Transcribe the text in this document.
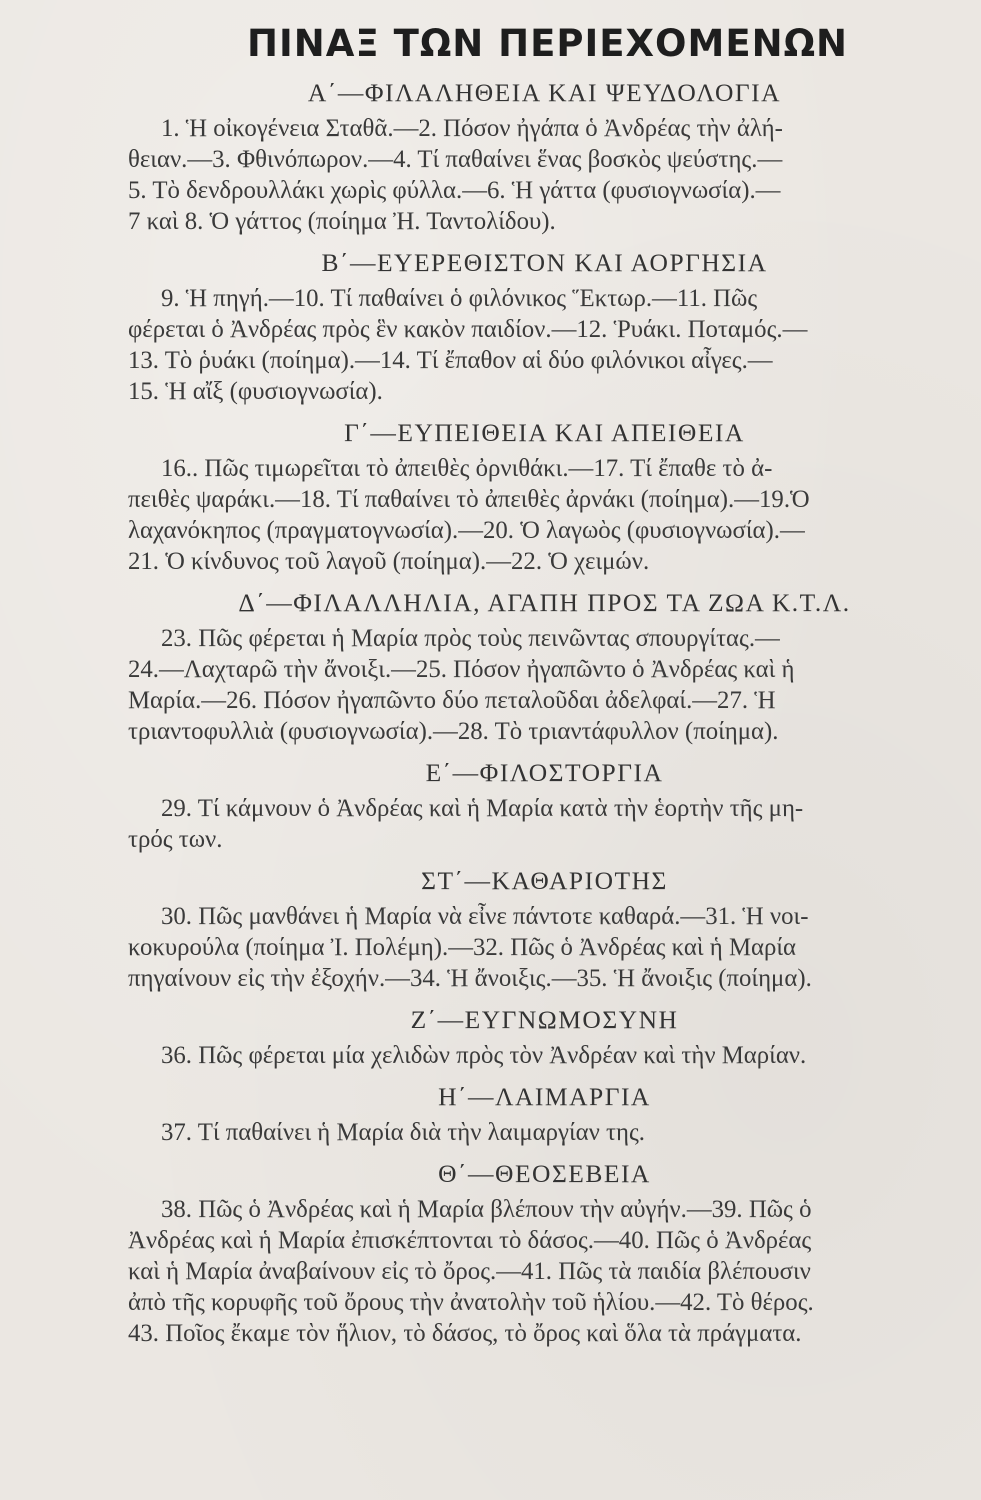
ΠΙΝΑΞ ΤΩΝ ΠΕΡΙΕΧΟΜΕΝΩΝ
Α΄—ΦΙΛΑΛΗΘΕΙΑ ΚΑΙ ΨΕΥΔΟΛΟΓΙΑ
1. Ἡ οἰκογένεια Σταθᾶ.—2. Πόσον ἠγάπα ὁ Ἀνδρέας τὴν ἀλή-
θειαν.—3. Φθινόπωρον.—4. Τί παθαίνει ἕνας βοσκὸς ψεύστης.—
5. Τὸ δενδρουλλάκι χωρὶς φύλλα.—6. Ἡ γάττα (φυσιογνωσία).—
7 καὶ 8. Ὁ γάττος (ποίημα Ἠ. Ταντολίδου).
Β΄—ΕΥΕΡΕΘΙΣΤΟΝ ΚΑΙ ΑΟΡΓΗΣΙΑ
9. Ἡ πηγή.—10. Τί παθαίνει ὁ φιλόνικος Ἕκτωρ.—11. Πῶς
φέρεται ὁ Ἀνδρέας πρὸς ἓν κακὸν παιδίον.—12. Ῥυάκι. Ποταμός.—
13. Τὸ ῥυάκι (ποίημα).—14. Τί ἔπαθον αἱ δύο φιλόνικοι αἶγες.—
15. Ἡ αἴξ (φυσιογνωσία).
Γ΄—ΕΥΠΕΙΘΕΙΑ ΚΑΙ ΑΠΕΙΘΕΙΑ
16.. Πῶς τιμωρεῖται τὸ ἀπειθὲς ὀρνιθάκι.—17. Τί ἔπαθε τὸ ἀ-
πειθὲς ψαράκι.—18. Τί παθαίνει τὸ ἀπειθὲς ἀρνάκι (ποίημα).—19.Ὁ
λαχανόκηπος (πραγματογνωσία).—20. Ὁ λαγωὸς (φυσιογνωσία).—
21. Ὁ κίνδυνος τοῦ λαγοῦ (ποίημα).—22. Ὁ χειμών.
Δ΄—ΦΙΛΑΛΛΗΛΙΑ, ΑΓΑΠΗ ΠΡΟΣ ΤΑ ΖΩΑ Κ.Τ.Λ.
23. Πῶς φέρεται ἡ Μαρία πρὸς τοὺς πεινῶντας σπουργίτας.—
24.—Λαχταρῶ τὴν ἄνοιξι.—25. Πόσον ἠγαπῶντο ὁ Ἀνδρέας καὶ ἡ
Μαρία.—26. Πόσον ἠγαπῶντο δύο πεταλοῦδαι ἀδελφαί.—27. Ἡ
τριαντοφυλλιὰ (φυσιογνωσία).—28. Τὸ τριαντάφυλλον (ποίημα).
Ε΄—ΦΙΛΟΣΤΟΡΓΙΑ
29. Τί κάμνουν ὁ Ἀνδρέας καὶ ἡ Μαρία κατὰ τὴν ἑορτὴν τῆς μη-
τρός των.
ΣΤ΄—ΚΑΘΑΡΙΟΤΗΣ
30. Πῶς μανθάνει ἡ Μαρία νὰ εἶνε πάντοτε καθαρά.—31. Ἡ νοι-
κοκυρούλα (ποίημα Ἰ. Πολέμη).—32. Πῶς ὁ Ἀνδρέας καὶ ἡ Μαρία
πηγαίνουν εἰς τὴν ἐξοχήν.—34. Ἡ ἄνοιξις.—35. Ἡ ἄνοιξις (ποίημα).
Ζ΄—ΕΥΓΝΩΜΟΣΥΝΗ
36. Πῶς φέρεται μία χελιδὼν πρὸς τὸν Ἀνδρέαν καὶ τὴν Μαρίαν.
Η΄—ΛΑΙΜΑΡΓΙΑ
37. Τί παθαίνει ἡ Μαρία διὰ τὴν λαιμαργίαν της.
Θ΄—ΘΕΟΣΕΒΕΙΑ
38. Πῶς ὁ Ἀνδρέας καὶ ἡ Μαρία βλέπουν τὴν αὐγήν.—39. Πῶς ὁ
Ἀνδρέας καὶ ἡ Μαρία ἐπισκέπτονται τὸ δάσος.—40. Πῶς ὁ Ἀνδρέας
καὶ ἡ Μαρία ἀναβαίνουν εἰς τὸ ὄρος.—41. Πῶς τὰ παιδία βλέπουσιν
ἀπὸ τῆς κορυφῆς τοῦ ὄρους τὴν ἀνατολὴν τοῦ ἡλίου.—42. Τὸ θέρος.
43. Ποῖος ἔκαμε τὸν ἥλιον, τὸ δάσος, τὸ ὄρος καὶ ὅλα τὰ πράγματα.
